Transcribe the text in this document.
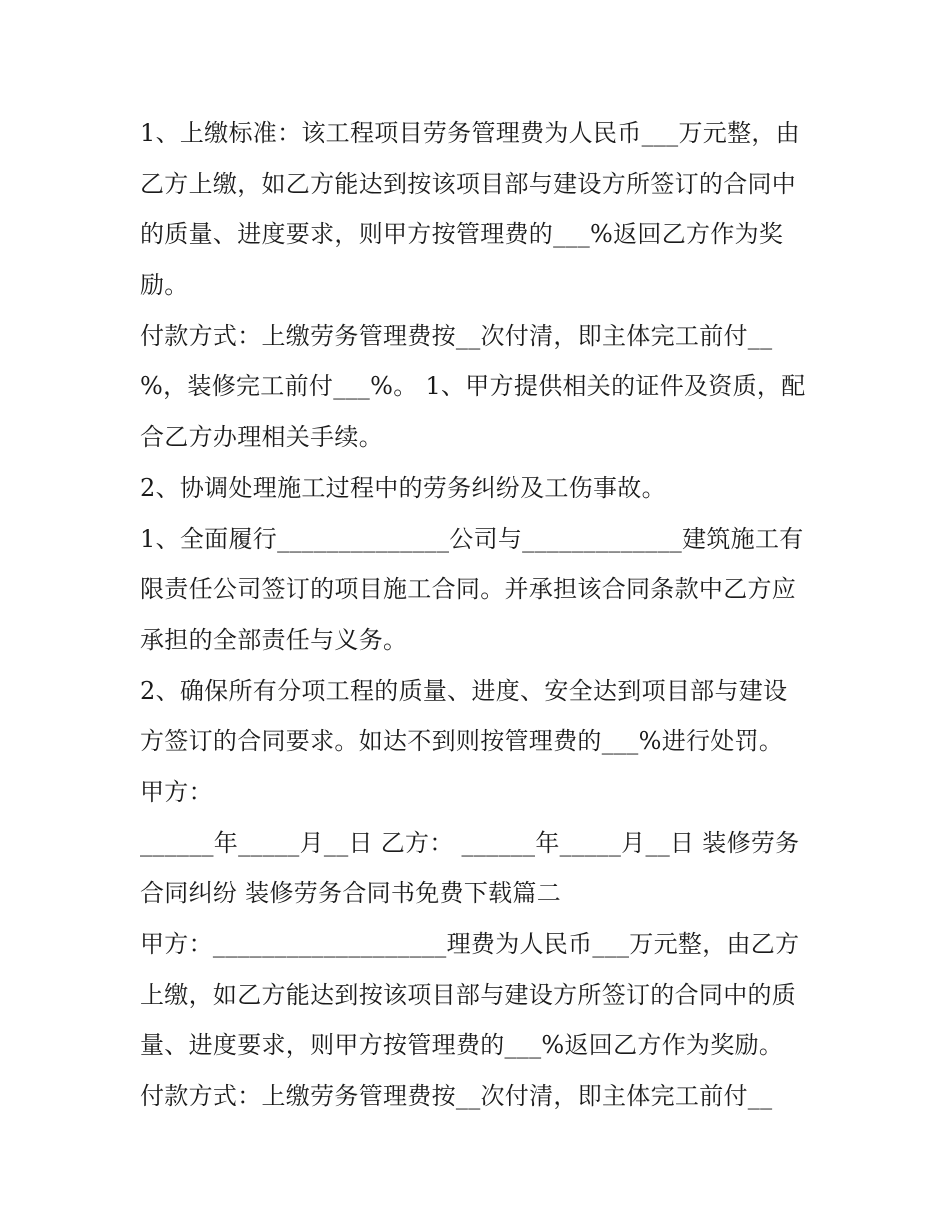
1、上缴标准：该工程项目劳务管理费为人民币___万元整，由
乙方上缴，如乙方能达到按该项目部与建设方所签订的合同中
的质量、进度要求，则甲方按管理费的___%返回乙方作为奖
励。
付款方式：上缴劳务管理费按__次付清，即主体完工前付__
%，装修完工前付___%。 1、甲方提供相关的证件及资质，配
合乙方办理相关手续。
2、协调处理施工过程中的劳务纠纷及工伤事故。
1、全面履行______________公司与_____________建筑施工有
限责任公司签订的项目施工合同。并承担该合同条款中乙方应
承担的全部责任与义务。
2、确保所有分项工程的质量、进度、安全达到项目部与建设
方签订的合同要求。如达不到则按管理费的___%进行处罚。
甲方：
______年_____月__日 乙方： ______年_____月__日 装修劳务
合同纠纷 装修劳务合同书免费下载篇二
甲方：___________________理费为人民币___万元整，由乙方
上缴，如乙方能达到按该项目部与建设方所签订的合同中的质
量、进度要求，则甲方按管理费的___%返回乙方作为奖励。
付款方式：上缴劳务管理费按__次付清，即主体完工前付__
